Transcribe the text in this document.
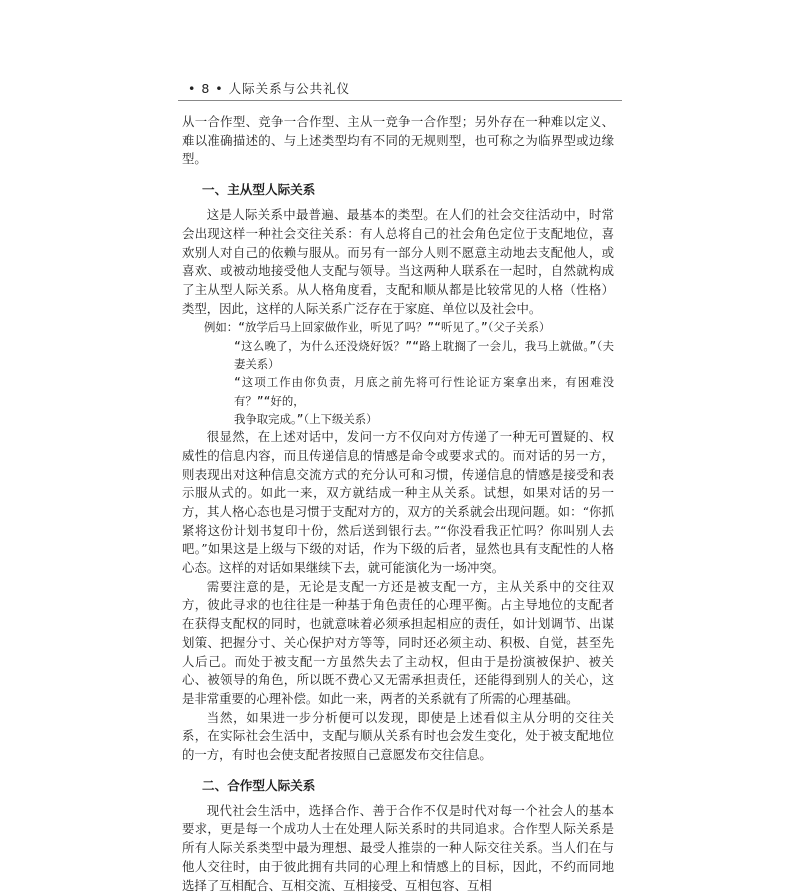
• 8 • 人际关系与公共礼仪

从一合作型、竞争一合作型、主从一竞争一合作型；另外存在一种难以定义、难以准确描述的、与上述类型均有不同的无规则型，也可称之为临界型或边缘型。

一、主从型人际关系

这是人际关系中最普遍、最基本的类型。在人们的社会交往活动中，时常会出现这样一种社会交往关系：有人总将自己的社会角色定位于支配地位，喜欢别人对自己的依赖与服从。而另有一部分人则不愿意主动地去支配他人，或喜欢、或被动地接受他人支配与领导。当这两种人联系在一起时，自然就构成了主从型人际关系。从人格角度看，支配和顺从都是比较常见的人格（性格）类型，因此，这样的人际关系广泛存在于家庭、单位以及社会中。

例如：“放学后马上回家做作业，听见了吗？”“听见了。”（父子关系）
“这么晚了，为什么还没烧好饭？”“路上耽搁了一会儿，我马上就做。”（夫妻关系）
“这项工作由你负责，月底之前先将可行性论证方案拿出来，有困难没有？”“好的，
我争取完成。”（上下级关系）

很显然，在上述对话中，发问一方不仅向对方传递了一种无可置疑的、权威性的信息内容，而且传递信息的情感是命令或要求式的。而对话的另一方，则表现出对这种信息交流方式的充分认可和习惯，传递信息的情感是接受和表示服从式的。如此一来，双方就结成一种主从关系。试想，如果对话的另一方，其人格心态也是习惯于支配对方的，双方的关系就会出现问题。如：“你抓紧将这份计划书复印十份，然后送到银行去。”“你没看我正忙吗？你叫别人去吧。”如果这是上级与下级的对话，作为下级的后者，显然也具有支配性的人格心态。这样的对话如果继续下去，就可能演化为一场冲突。

需要注意的是，无论是支配一方还是被支配一方，主从关系中的交往双方，彼此寻求的也往往是一种基于角色责任的心理平衡。占主导地位的支配者在获得支配权的同时，也就意味着必须承担起相应的责任，如计划调节、出谋划策、把握分寸、关心保护对方等等，同时还必须主动、积极、自觉，甚至先人后己。而处于被支配一方虽然失去了主动权，但由于是扮演被保护、被关心、被领导的角色，所以既不费心又无需承担责任，还能得到别人的关心，这是非常重要的心理补偿。如此一来，两者的关系就有了所需的心理基础。

当然，如果进一步分析便可以发现，即使是上述看似主从分明的交往关系，在实际社会生活中，支配与顺从关系有时也会发生变化，处于被支配地位的一方，有时也会使支配者按照自己意愿发布交往信息。

二、合作型人际关系

现代社会生活中，选择合作、善于合作不仅是时代对每一个社会人的基本要求，更是每一个成功人士在处理人际关系时的共同追求。合作型人际关系是所有人际关系类型中最为理想、最受人推崇的一种人际交往关系。当人们在与他人交往时，由于彼此拥有共同的心理上和情感上的目标，因此，不约而同地选择了互相配合、互相交流、互相接受、互相包容、互相
